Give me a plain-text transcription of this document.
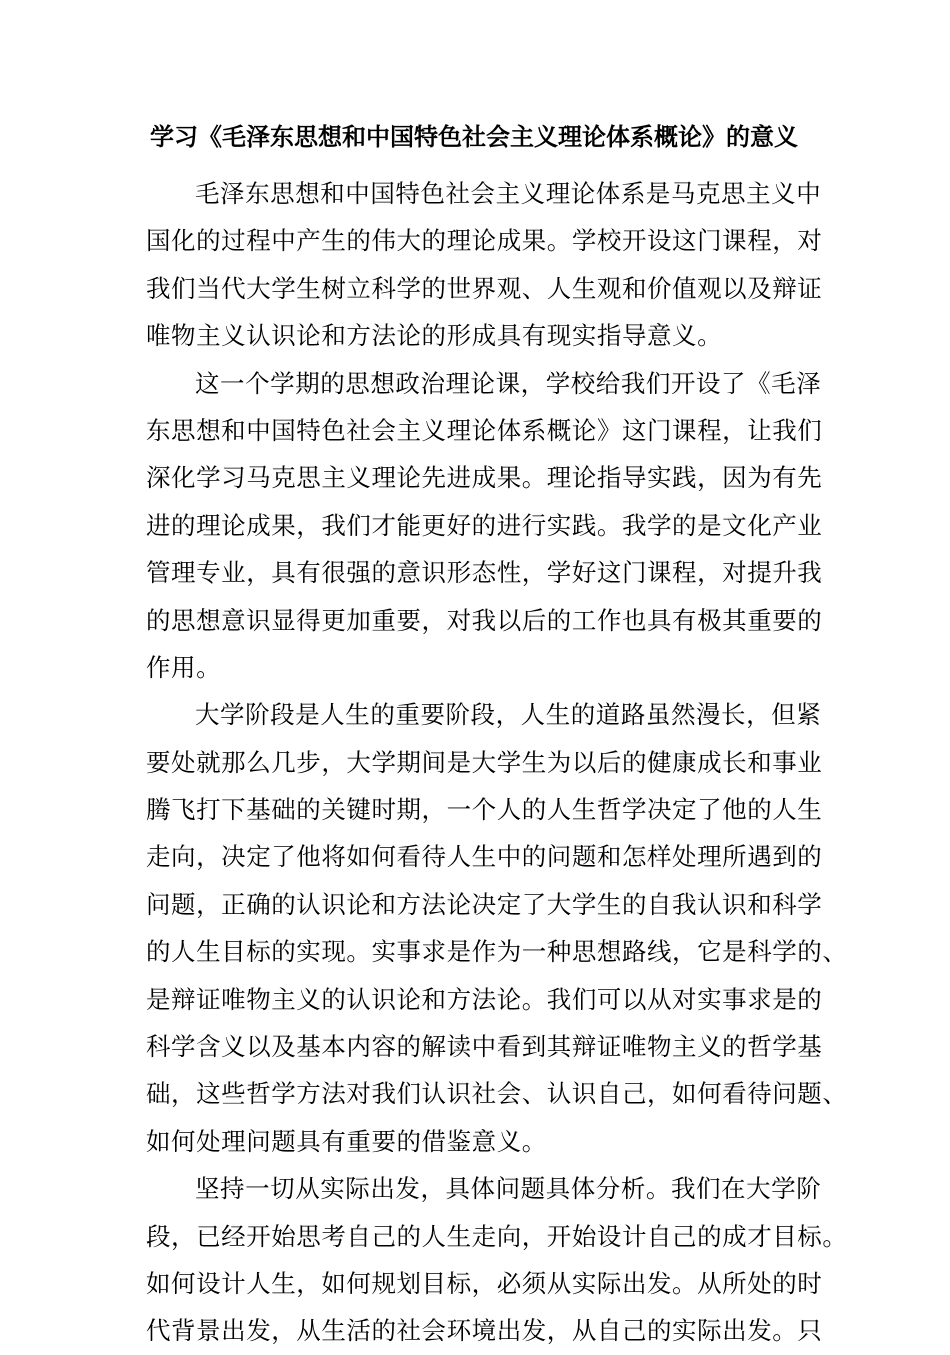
学习《毛泽东思想和中国特色社会主义理论体系概论》的意义
毛泽东思想和中国特色社会主义理论体系是马克思主义中
国化的过程中产生的伟大的理论成果。学校开设这门课程，对
我们当代大学生树立科学的世界观、人生观和价值观以及辩证
唯物主义认识论和方法论的形成具有现实指导意义。
这一个学期的思想政治理论课，学校给我们开设了《毛泽
东思想和中国特色社会主义理论体系概论》这门课程，让我们
深化学习马克思主义理论先进成果。理论指导实践，因为有先
进的理论成果，我们才能更好的进行实践。我学的是文化产业
管理专业，具有很强的意识形态性，学好这门课程，对提升我
的思想意识显得更加重要，对我以后的工作也具有极其重要的
作用。
大学阶段是人生的重要阶段，人生的道路虽然漫长，但紧
要处就那么几步，大学期间是大学生为以后的健康成长和事业
腾飞打下基础的关键时期，一个人的人生哲学决定了他的人生
走向，决定了他将如何看待人生中的问题和怎样处理所遇到的
问题，正确的认识论和方法论决定了大学生的自我认识和科学
的人生目标的实现。实事求是作为一种思想路线，它是科学的、
是辩证唯物主义的认识论和方法论。我们可以从对实事求是的
科学含义以及基本内容的解读中看到其辩证唯物主义的哲学基
础，这些哲学方法对我们认识社会、认识自己，如何看待问题、
如何处理问题具有重要的借鉴意义。
坚持一切从实际出发，具体问题具体分析。我们在大学阶
段，已经开始思考自己的人生走向，开始设计自己的成才目标。
如何设计人生，如何规划目标，必须从实际出发。从所处的时
代背景出发，从生活的社会环境出发，从自己的实际出发。只
